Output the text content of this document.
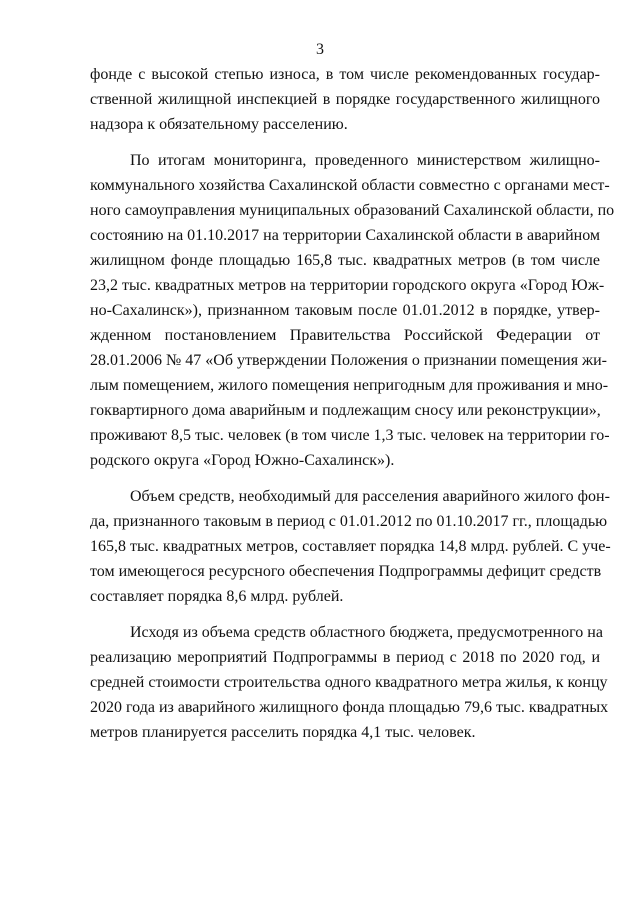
3
фонде с высокой степью износа, в том числе рекомендованных государ-
ственной жилищной инспекцией в порядке государственного жилищного
надзора к обязательному расселению.
По итогам мониторинга, проведенного министерством жилищно-
коммунального хозяйства Сахалинской области совместно с органами мест-
ного самоуправления муниципальных образований Сахалинской области, по
состоянию на 01.10.2017 на территории Сахалинской области в аварийном
жилищном фонде площадью 165,8 тыс. квадратных метров (в том числе
23,2 тыс. квадратных метров на территории городского округа «Город Юж-
но-Сахалинск»), признанном таковым после 01.01.2012 в порядке, утвер-
жденном постановлением Правительства Российской Федерации от
28.01.2006 № 47 «Об утверждении Положения о признании помещения жи-
лым помещением, жилого помещения непригодным для проживания и мно-
гоквартирного дома аварийным и подлежащим сносу или реконструкции»,
проживают 8,5 тыс. человек (в том числе 1,3 тыс. человек на территории го-
родского округа «Город Южно-Сахалинск»).
Объем средств, необходимый для расселения аварийного жилого фон-
да, признанного таковым в период с 01.01.2012 по 01.10.2017 гг., площадью
165,8 тыс. квадратных метров, составляет порядка 14,8 млрд. рублей. С уче-
том имеющегося ресурсного обеспечения Подпрограммы дефицит средств
составляет порядка 8,6 млрд. рублей.
Исходя из объема средств областного бюджета, предусмотренного на
реализацию мероприятий Подпрограммы в период с 2018 по 2020 год, и
средней стоимости строительства одного квадратного метра жилья, к концу
2020 года из аварийного жилищного фонда площадью 79,6 тыс. квадратных
метров планируется расселить порядка 4,1 тыс. человек.
